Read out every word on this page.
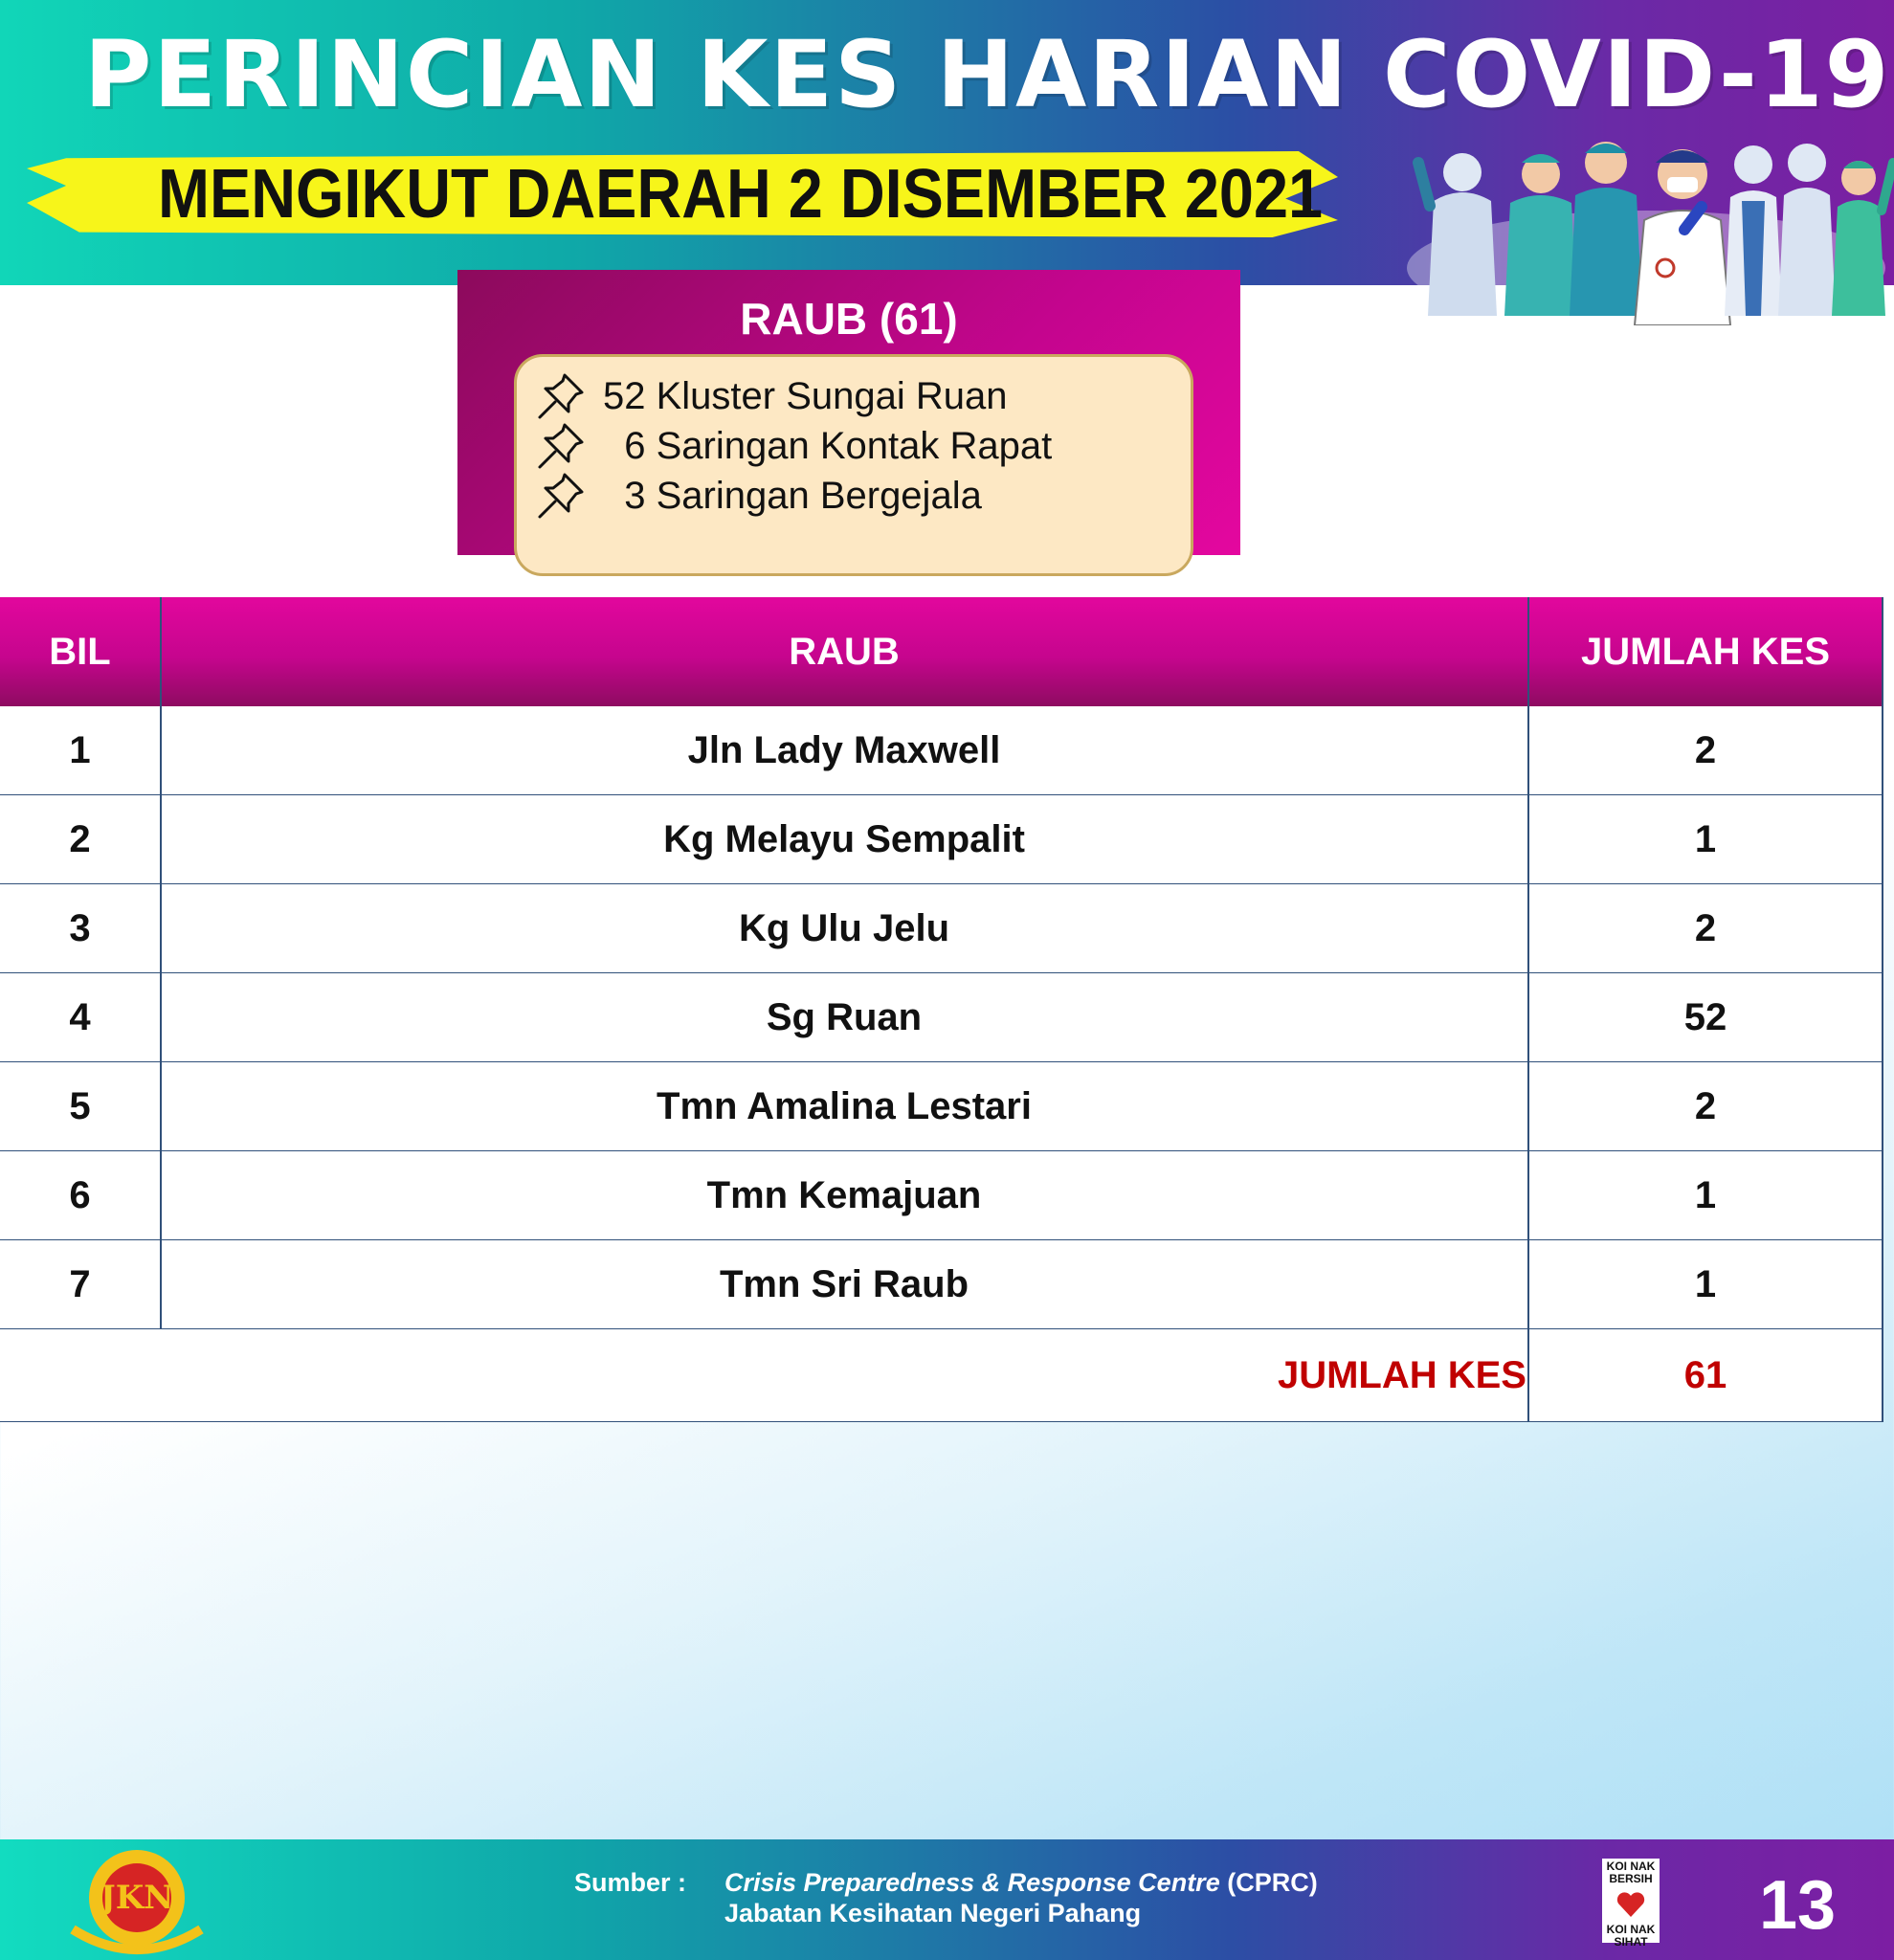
PERINCIAN KES HARIAN COVID-19
MENGIKUT DAERAH 2 DISEMBER 2021
RAUB (61)
52 Kluster Sungai Ruan
6 Saringan Kontak Rapat
3 Saringan Bergejala
BIL	RAUB	JUMLAH KES
1	Jln Lady Maxwell	2
2	Kg Melayu Sempalit	1
3	Kg Ulu Jelu	2
4	Sg Ruan	52
5	Tmn Amalina Lestari	2
6	Tmn Kemajuan	1
7	Tmn Sri Raub	1
JUMLAH KES	61
JKN	Sumber : Crisis Preparedness & Response Centre (CPRC)
Jabatan Kesihatan Negeri Pahang
KOI NAK BERSIH
KOI NAK SIHAT 13
